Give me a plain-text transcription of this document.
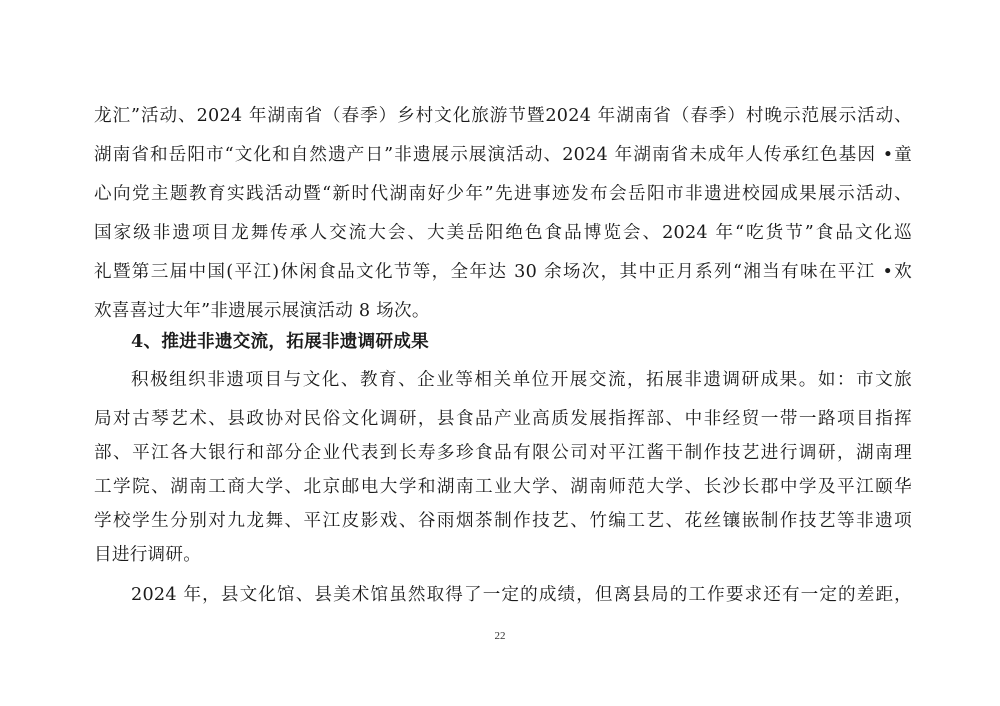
龙汇”活动、2024 年湖南省（春季）乡村文化旅游节暨2024 年湖南省（春季）村晚示范展示活动、
湖南省和岳阳市“文化和自然遗产日”非遗展示展演活动、2024 年湖南省未成年人传承红色基因 •童
心向党主题教育实践活动暨“新时代湖南好少年”先进事迹发布会岳阳市非遗进校园成果展示活动、
国家级非遗项目龙舞传承人交流大会、大美岳阳绝色食品博览会、2024 年“吃货节”食品文化巡
礼暨第三届中国(平江)休闲食品文化节等，全年达 30 余场次，其中正月系列“湘当有味在平江 •欢
欢喜喜过大年”非遗展示展演活动 8 场次。
4、推进非遗交流，拓展非遗调研成果
积极组织非遗项目与文化、教育、企业等相关单位开展交流，拓展非遗调研成果。如：市文旅
局对古琴艺术、县政协对民俗文化调研，县食品产业高质发展指挥部、中非经贸一带一路项目指挥
部、平江各大银行和部分企业代表到长寿多珍食品有限公司对平江酱干制作技艺进行调研，湖南理
工学院、湖南工商大学、北京邮电大学和湖南工业大学、湖南师范大学、长沙长郡中学及平江颐华
学校学生分别对九龙舞、平江皮影戏、谷雨烟茶制作技艺、竹编工艺、花丝镶嵌制作技艺等非遗项
目进行调研。
2024 年，县文化馆、县美术馆虽然取得了一定的成绩，但离县局的工作要求还有一定的差距，
22
